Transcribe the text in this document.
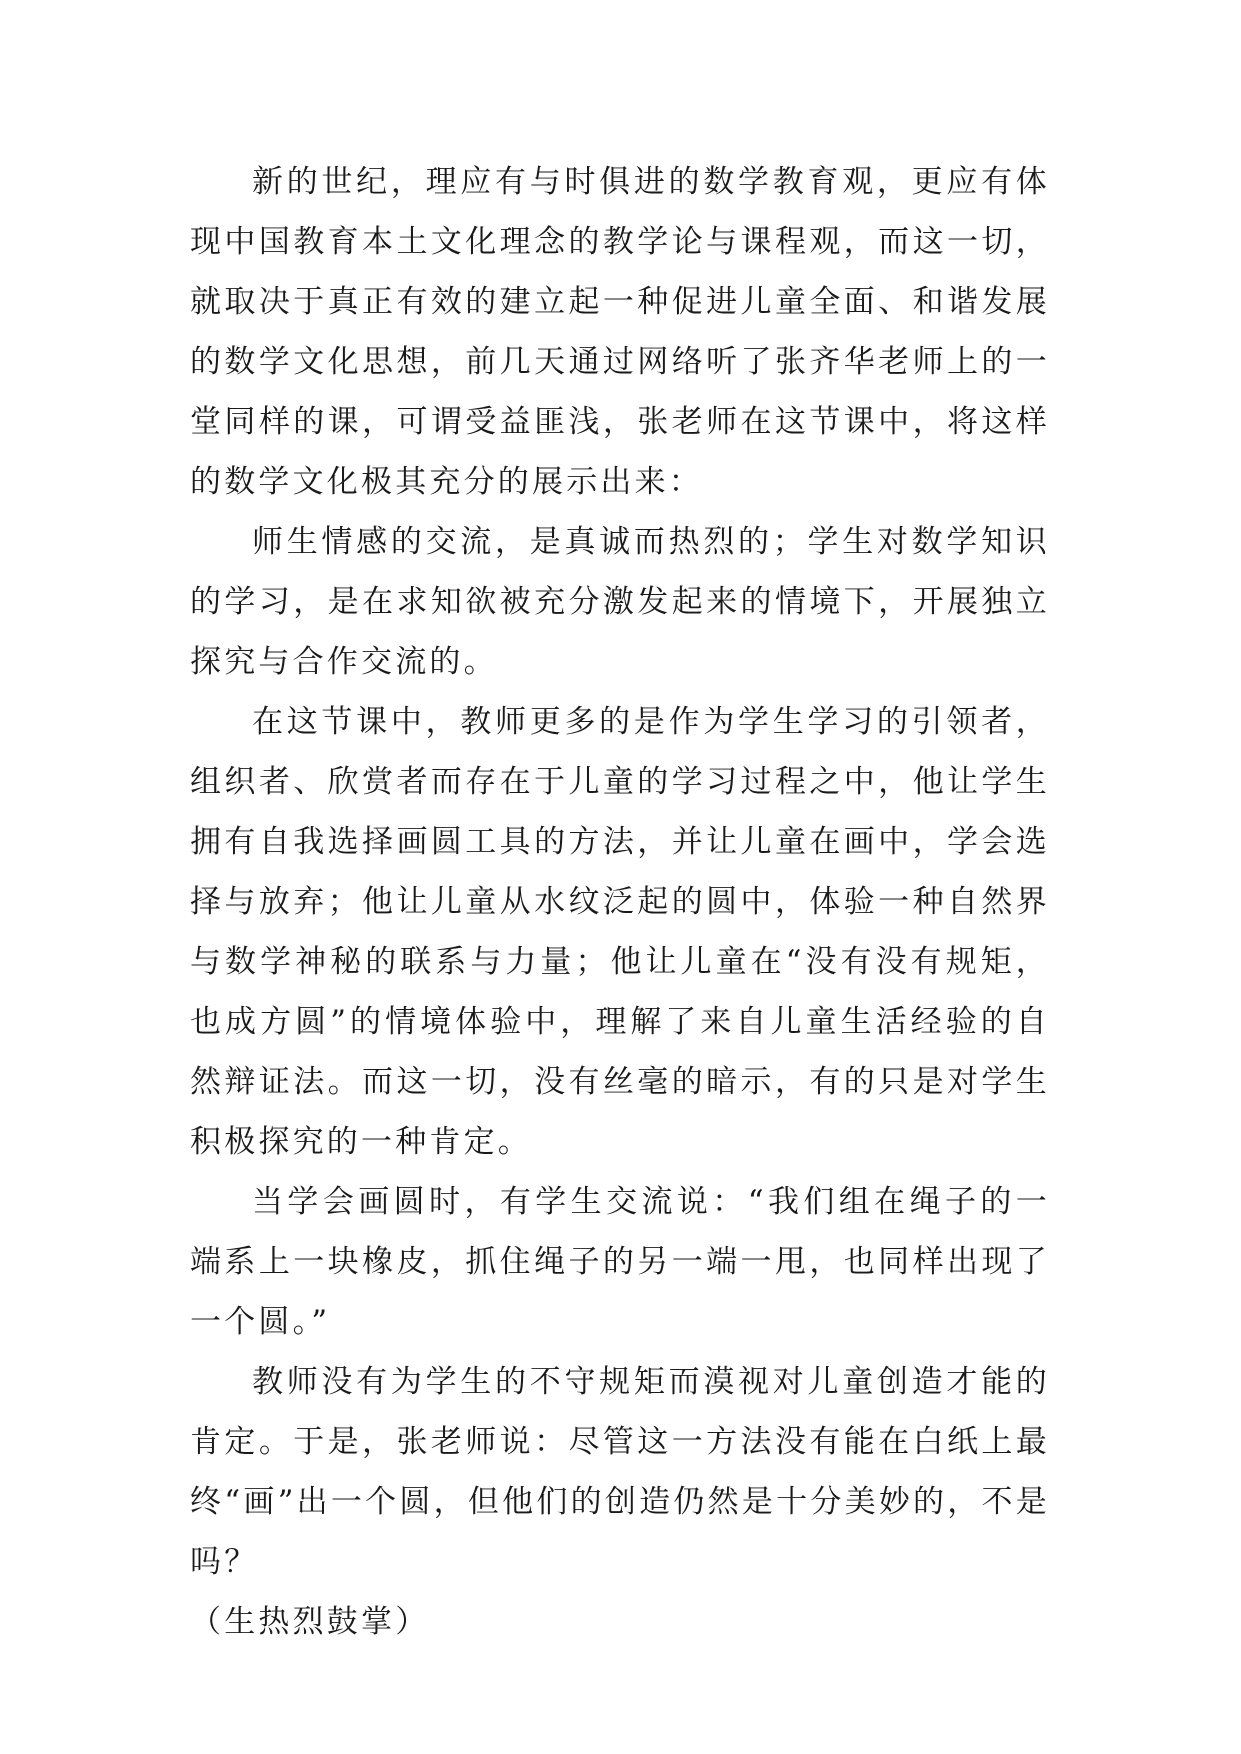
新的世纪，理应有与时俱进的数学教育观，更应有体现中国教育本土文化理念的教学论与课程观，而这一切，就取决于真正有效的建立起一种促进儿童全面、和谐发展的数学文化思想，前几天通过网络听了张齐华老师上的一堂同样的课，可谓受益匪浅，张老师在这节课中，将这样的数学文化极其充分的展示出来：

师生情感的交流，是真诚而热烈的；学生对数学知识的学习，是在求知欲被充分激发起来的情境下，开展独立探究与合作交流的。

在这节课中，教师更多的是作为学生学习的引领者，组织者、欣赏者而存在于儿童的学习过程之中，他让学生拥有自我选择画圆工具的方法，并让儿童在画中，学会选择与放弃；他让儿童从水纹泛起的圆中，体验一种自然界与数学神秘的联系与力量；他让儿童在“没有没有规矩，也成方圆”的情境体验中，理解了来自儿童生活经验的自然辩证法。而这一切，没有丝毫的暗示，有的只是对学生积极探究的一种肯定。

当学会画圆时，有学生交流说：“我们组在绳子的一端系上一块橡皮，抓住绳子的另一端一甩，也同样出现了一个圆。”

教师没有为学生的不守规矩而漠视对儿童创造才能的肯定。于是，张老师说：尽管这一方法没有能在白纸上最终“画”出一个圆，但他们的创造仍然是十分美妙的，不是吗？

（生热烈鼓掌）
